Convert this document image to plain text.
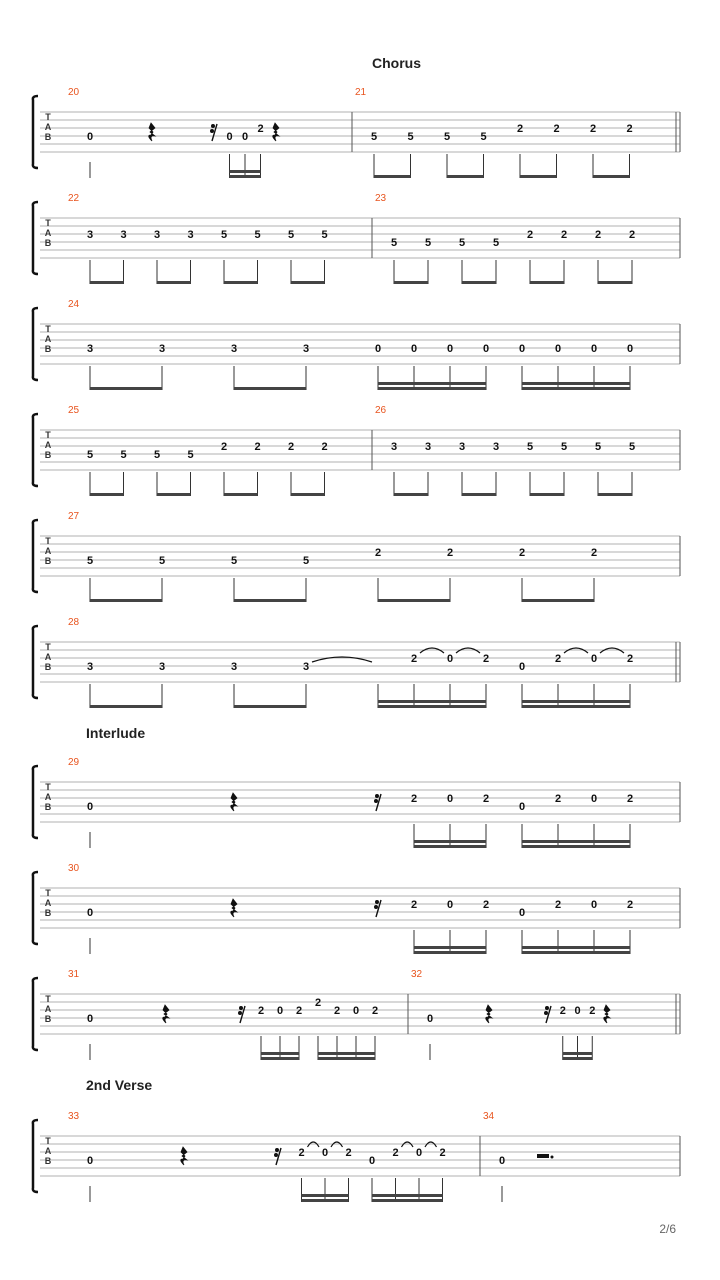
Chorus
Interlude
2nd Verse
T
A
B
20
0	0 0
2
21
5	5	5	5
2	2	2	2
T
A
B
22
3 3 3 3 5 5 5 5
23
5	5	5	5
2	2	2	2
T
A
B
24
3	3	3	3	0	0	0	0	0	0	0	0
T
A
B
25
5 5 5 5
2 2 2 2
26
3	3	3	3	5	5	5	5
T
A
B
27
5	5	5	5
2	2	2	2
T
A
B
28
3	3	3	3
2	0	2
0
2	0	2
T
A
B
29
0
2	0	2
0
2	0	2
T
A
B
30
0
2	0	2
0
2	0	2
T
A
B
31
0
2 0 2
2
2 0 2
32
0
2 0 2
T
A
B
33
0
2 0 2
0
2 0 2
34
0
2/6
